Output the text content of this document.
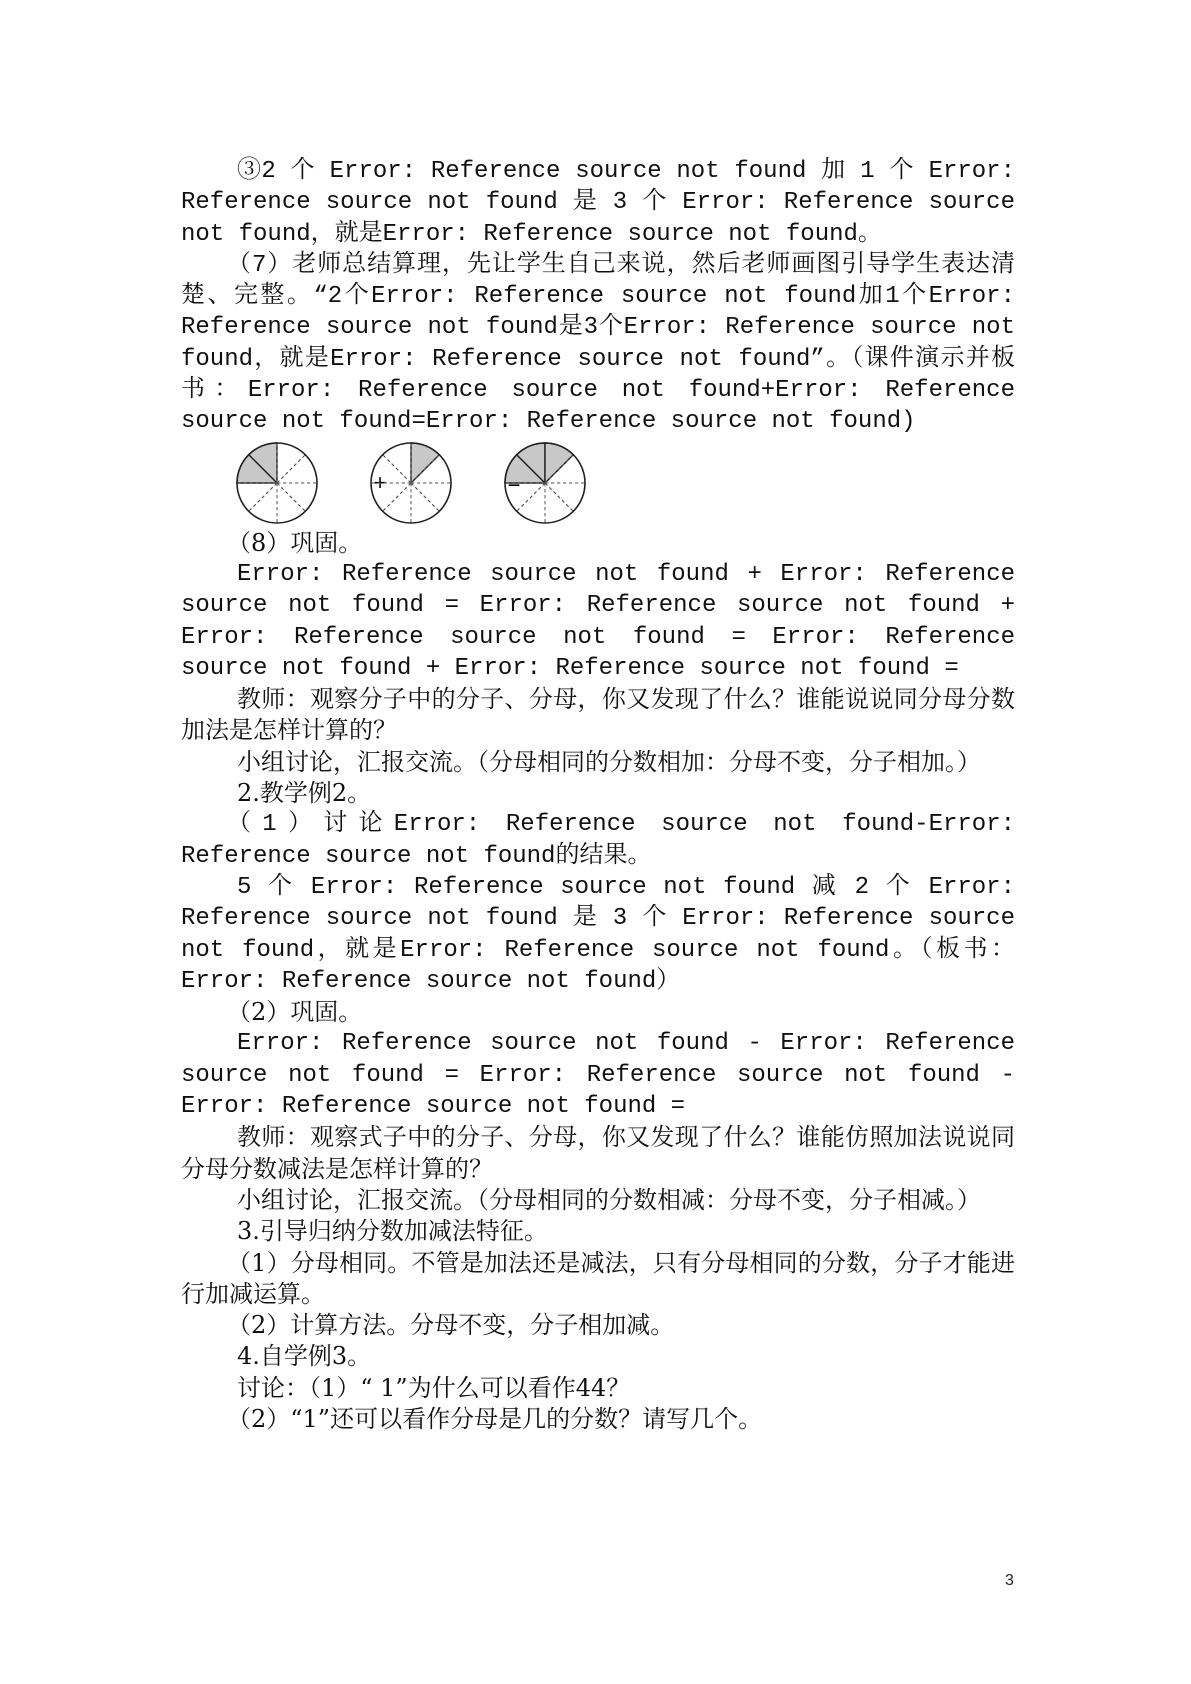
③2 个 Error: Reference source not found 加 1 个 Error: Reference source not found 是 3 个 Error: Reference source not found，就是Error: Reference source not found。

（7）老师总结算理，先让学生自己来说，然后老师画图引导学生表达清楚、完整。“2个Error: Reference source not found加1个Error: Reference source not found是3个Error: Reference source not found，就是Error: Reference source not found”。（课件演示并板书：Error: Reference source not found+Error: Reference source not found=Error: Reference source not found)

+

（8）巩固。

Error: Reference source not found + Error: Reference source not found = Error: Reference source not found + Error: Reference source not found = Error: Reference source not found + Error: Reference source not found =

教师：观察分子中的分子、分母，你又发现了什么？谁能说说同分母分数加法是怎样计算的？

小组讨论，汇报交流。（分母相同的分数相加：分母不变，分子相加。）

2.教学例2。

（1）讨论Error: Reference source not found-Error: Reference source not found的结果。

5 个 Error: Reference source not found 减 2 个 Error: Reference source not found 是 3 个 Error: Reference source not found，就是Error: Reference source not found。（板书：Error: Reference source not found）

（2）巩固。

Error: Reference source not found - Error: Reference source not found = Error: Reference source not found - Error: Reference source not found =

教师：观察式子中的分子、分母，你又发现了什么？谁能仿照加法说说同分母分数减法是怎样计算的？

小组讨论，汇报交流。（分母相同的分数相减：分母不变，分子相减。）

3.引导归纳分数加减法特征。

（1）分母相同。不管是加法还是减法，只有分母相同的分数，分子才能进行加减运算。

（2）计算方法。分母不变，分子相加减。

4.自学例3。

讨论：（1）“ 1”为什么可以看作44？

（2）“1”还可以看作分母是几的分数？请写几个。

3
